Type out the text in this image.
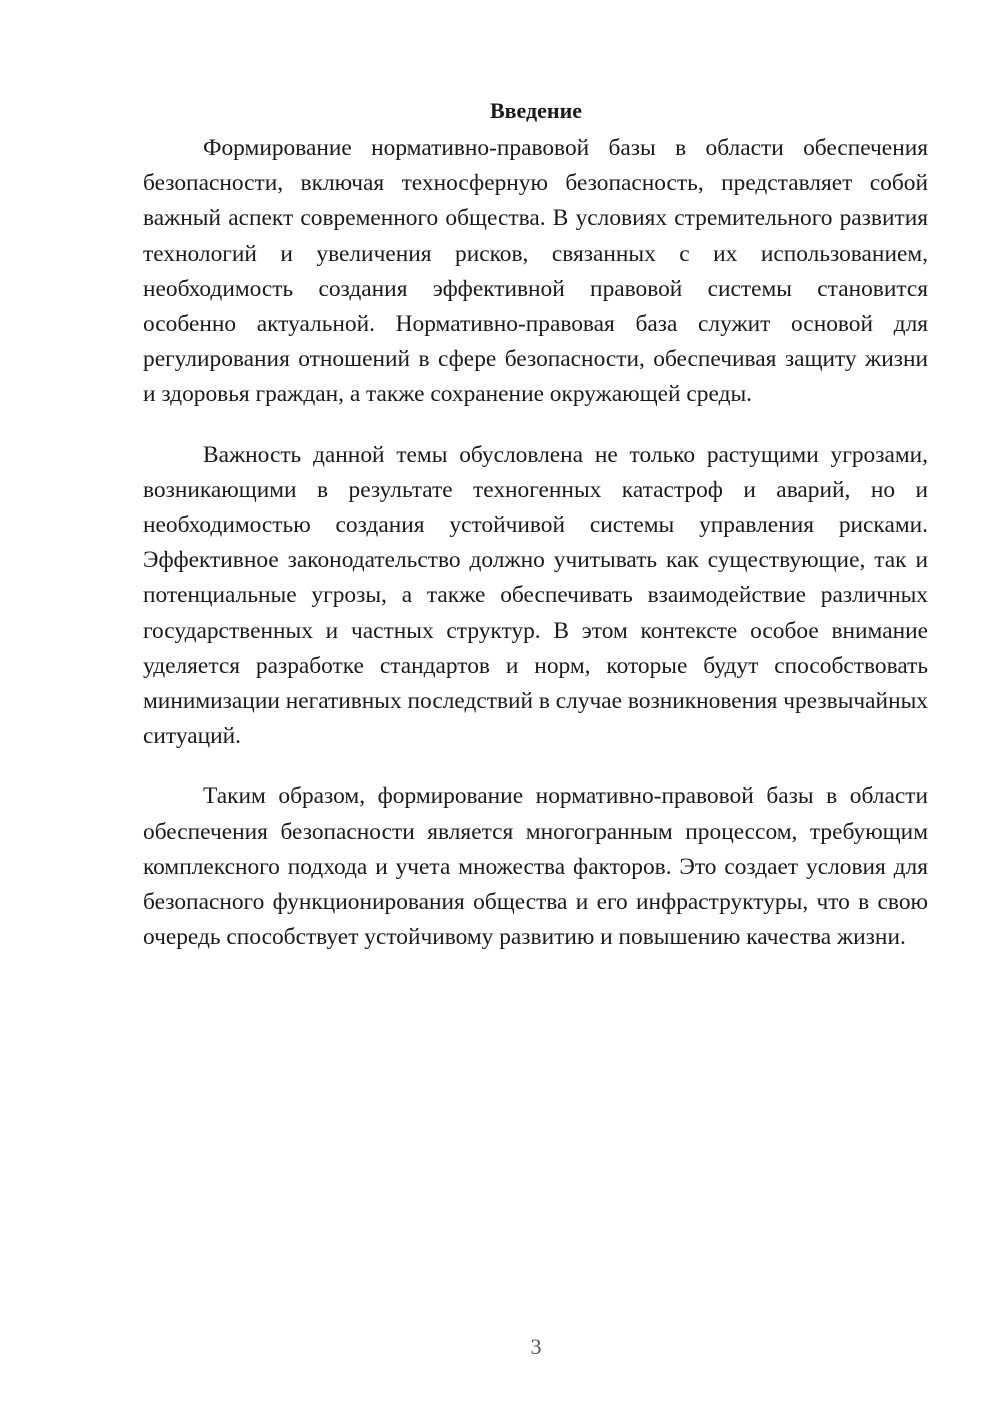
Введение

Формирование нормативно-правовой базы в области обеспечения безопасности, включая техносферную безопасность, представляет собой важный аспект современного общества. В условиях стремительного развития технологий и увеличения рисков, связанных с их использованием, необходимость создания эффективной правовой системы становится особенно актуальной. Нормативно-правовая база служит основой для регулирования отношений в сфере безопасности, обеспечивая защиту жизни и здоровья граждан, а также сохранение окружающей среды.

Важность данной темы обусловлена не только растущими угрозами, возникающими в результате техногенных катастроф и аварий, но и необходимостью создания устойчивой системы управления рисками. Эффективное законодательство должно учитывать как существующие, так и потенциальные угрозы, а также обеспечивать взаимодействие различных государственных и частных структур. В этом контексте особое внимание уделяется разработке стандартов и норм, которые будут способствовать минимизации негативных последствий в случае возникновения чрезвычайных ситуаций.

Таким образом, формирование нормативно-правовой базы в области обеспечения безопасности является многогранным процессом, требующим комплексного подхода и учета множества факторов. Это создает условия для безопасного функционирования общества и его инфраструктуры, что в свою очередь способствует устойчивому развитию и повышению качества жизни.

3
